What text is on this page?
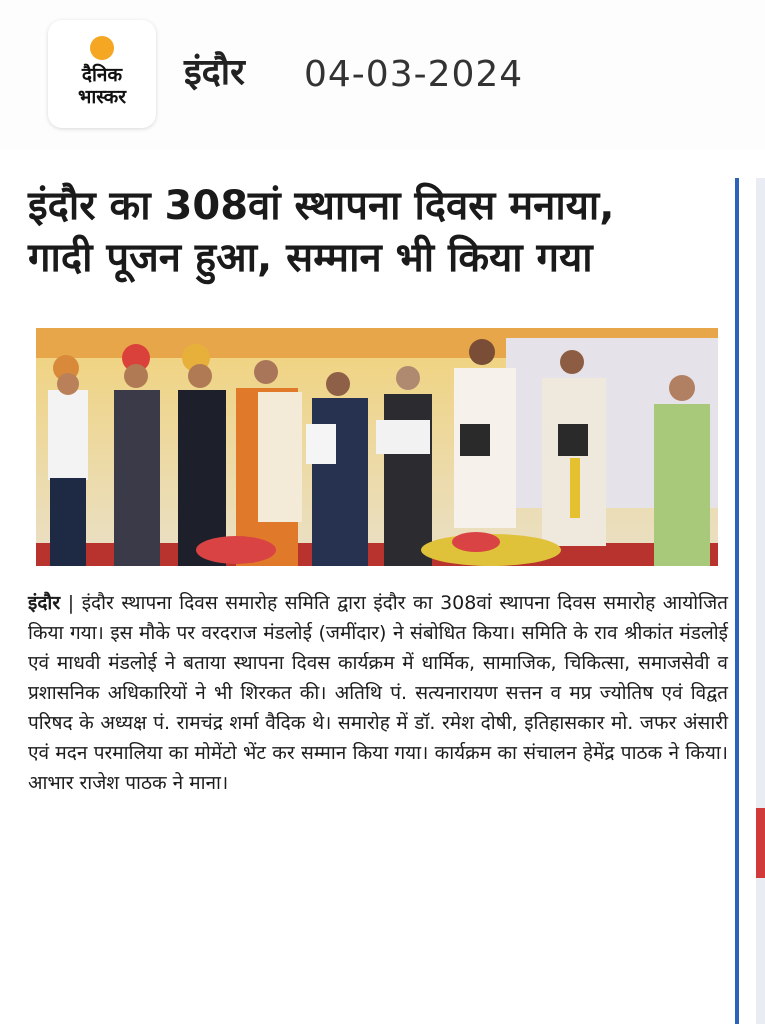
दैनिक
भास्कर
इंदौर 04-03-2024
इंदौर का 308वां स्थापना दिवस मनाया,
गादी पूजन हुआ, सम्मान भी किया गया

इंदौर | इंदौर स्थापना दिवस समारोह समिति द्वारा इंदौर का 308वां स्थापना दिवस समारोह आयोजित किया गया। इस मौके पर वरदराज मंडलोई (जमींदार) ने संबोधित किया। समिति के राव श्रीकांत मंडलोई एवं माधवी मंडलोई ने बताया स्थापना दिवस कार्यक्रम में धार्मिक, सामाजिक, चिकित्सा, समाजसेवी व प्रशासनिक अधिकारियों ने भी शिरकत की। अतिथि पं. सत्यनारायण सत्तन व मप्र ज्योतिष एवं विद्वत परिषद के अध्यक्ष पं. रामचंद्र शर्मा वैदिक थे। समारोह में डॉ. रमेश दोषी, इतिहासकार मो. जफर अंसारी एवं मदन परमालिया का मोमेंटो भेंट कर सम्मान किया गया। कार्यक्रम का संचालन हेमेंद्र पाठक ने किया। आभार राजेश पाठक ने माना।
